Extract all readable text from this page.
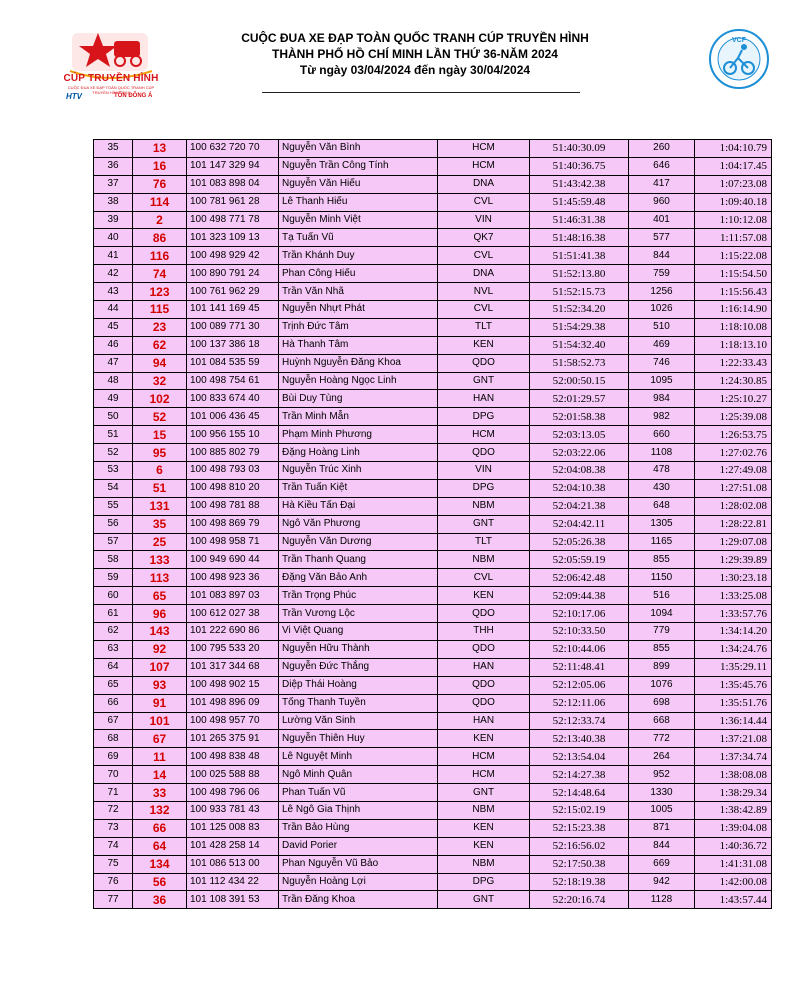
CÚP TRUYỀN HÌNH
CUỘC ĐUA XE ĐẠP TOÀN QUỐC TRANH CÚP TRUYỀN HÌNH 2024
HTV	TÔN ĐÔNG Á
CUỘC ĐUA XE ĐẠP TOÀN QUỐC TRANH CÚP TRUYỀN HÌNH
THÀNH PHỐ HỒ CHÍ MINH LẦN THỨ 36-NĂM 2024
Từ ngày 03/04/2024 đến ngày 30/04/2024
VCF
35	13	100 632 720 70	Nguyễn Văn Bình	HCM	51:40:30.09	260	1:04:10.79
36	16	101 147 329 94	Nguyễn Trần Công Tính	HCM	51:40:36.75	646	1:04:17.45
37	76	101 083 898 04	Nguyễn Văn Hiếu	DNA	51:43:42.38	417	1:07:23.08
38	114	100 781 961 28	Lê Thanh Hiếu	CVL	51:45:59.48	960	1:09:40.18
39	2	100 498 771 78	Nguyễn Minh Việt	VIN	51:46:31.38	401	1:10:12.08
40	86	101 323 109 13	Tạ Tuấn Vũ	QK7	51:48:16.38	577	1:11:57.08
41	116	100 498 929 42	Trần Khánh Duy	CVL	51:51:41.38	844	1:15:22.08
42	74	100 890 791 24	Phan Công Hiếu	DNA	51:52:13.80	759	1:15:54.50
43	123	100 761 962 29	Trần Văn Nhã	NVL	51:52:15.73	1256	1:15:56.43
44	115	101 141 169 45	Nguyễn Nhựt Phát	CVL	51:52:34.20	1026	1:16:14.90
45	23	100 089 771 30	Trịnh Đức Tâm	TLT	51:54:29.38	510	1:18:10.08
46	62	100 137 386 18	Hà Thanh Tâm	KEN	51:54:32.40	469	1:18:13.10
47	94	101 084 535 59	Huỳnh Nguyễn Đăng Khoa	QDO	51:58:52.73	746	1:22:33.43
48	32	100 498 754 61	Nguyễn Hoàng Ngọc Linh	GNT	52:00:50.15	1095	1:24:30.85
49	102	100 833 674 40	Bùi Duy Tùng	HAN	52:01:29.57	984	1:25:10.27
50	52	101 006 436 45	Trần Minh Mẫn	DPG	52:01:58.38	982	1:25:39.08
51	15	100 956 155 10	Phạm Minh Phương	HCM	52:03:13.05	660	1:26:53.75
52	95	100 885 802 79	Đặng Hoàng Linh	QDO	52:03:22.06	1108	1:27:02.76
53	6	100 498 793 03	Nguyễn Trúc Xinh	VIN	52:04:08.38	478	1:27:49.08
54	51	100 498 810 20	Trần Tuấn Kiệt	DPG	52:04:10.38	430	1:27:51.08
55	131	100 498 781 88	Hà Kiều Tấn Đại	NBM	52:04:21.38	648	1:28:02.08
56	35	100 498 869 79	Ngô Văn Phương	GNT	52:04:42.11	1305	1:28:22.81
57	25	100 498 958 71	Nguyễn Văn Dương	TLT	52:05:26.38	1165	1:29:07.08
58	133	100 949 690 44	Trần Thanh Quang	NBM	52:05:59.19	855	1:29:39.89
59	113	100 498 923 36	Đặng Văn Bảo Anh	CVL	52:06:42.48	1150	1:30:23.18
60	65	101 083 897 03	Trần Trọng Phúc	KEN	52:09:44.38	516	1:33:25.08
61	96	100 612 027 38	Trần Vương Lộc	QDO	52:10:17.06	1094	1:33:57.76
62	143	101 222 690 86	Vi Việt Quang	THH	52:10:33.50	779	1:34:14.20
63	92	100 795 533 20	Nguyễn Hữu Thành	QDO	52:10:44.06	855	1:34:24.76
64	107	101 317 344 68	Nguyễn Đức Thắng	HAN	52:11:48.41	899	1:35:29.11
65	93	100 498 902 15	Diệp Thái Hoàng	QDO	52:12:05.06	1076	1:35:45.76
66	91	101 498 896 09	Tống Thanh Tuyền	QDO	52:12:11.06	698	1:35:51.76
67	101	100 498 957 70	Lường Văn Sinh	HAN	52:12:33.74	668	1:36:14.44
68	67	101 265 375 91	Nguyễn Thiên Huy	KEN	52:13:40.38	772	1:37:21.08
69	11	100 498 838 48	Lê Nguyệt Minh	HCM	52:13:54.04	264	1:37:34.74
70	14	100 025 588 88	Ngô Minh Quân	HCM	52:14:27.38	952	1:38:08.08
71	33	100 498 796 06	Phan Tuấn Vũ	GNT	52:14:48.64	1330	1:38:29.34
72	132	100 933 781 43	Lê Ngô Gia Thịnh	NBM	52:15:02.19	1005	1:38:42.89
73	66	101 125 008 83	Trần Bảo Hùng	KEN	52:15:23.38	871	1:39:04.08
74	64	101 428 258 14	David Porier	KEN	52:16:56.02	844	1:40:36.72
75	134	101 086 513 00	Phan Nguyễn Vũ Bảo	NBM	52:17:50.38	669	1:41:31.08
76	56	101 112 434 22	Nguyễn Hoàng Lợi	DPG	52:18:19.38	942	1:42:00.08
77	36	101 108 391 53	Trần Đăng Khoa	GNT	52:20:16.74	1128	1:43:57.44
